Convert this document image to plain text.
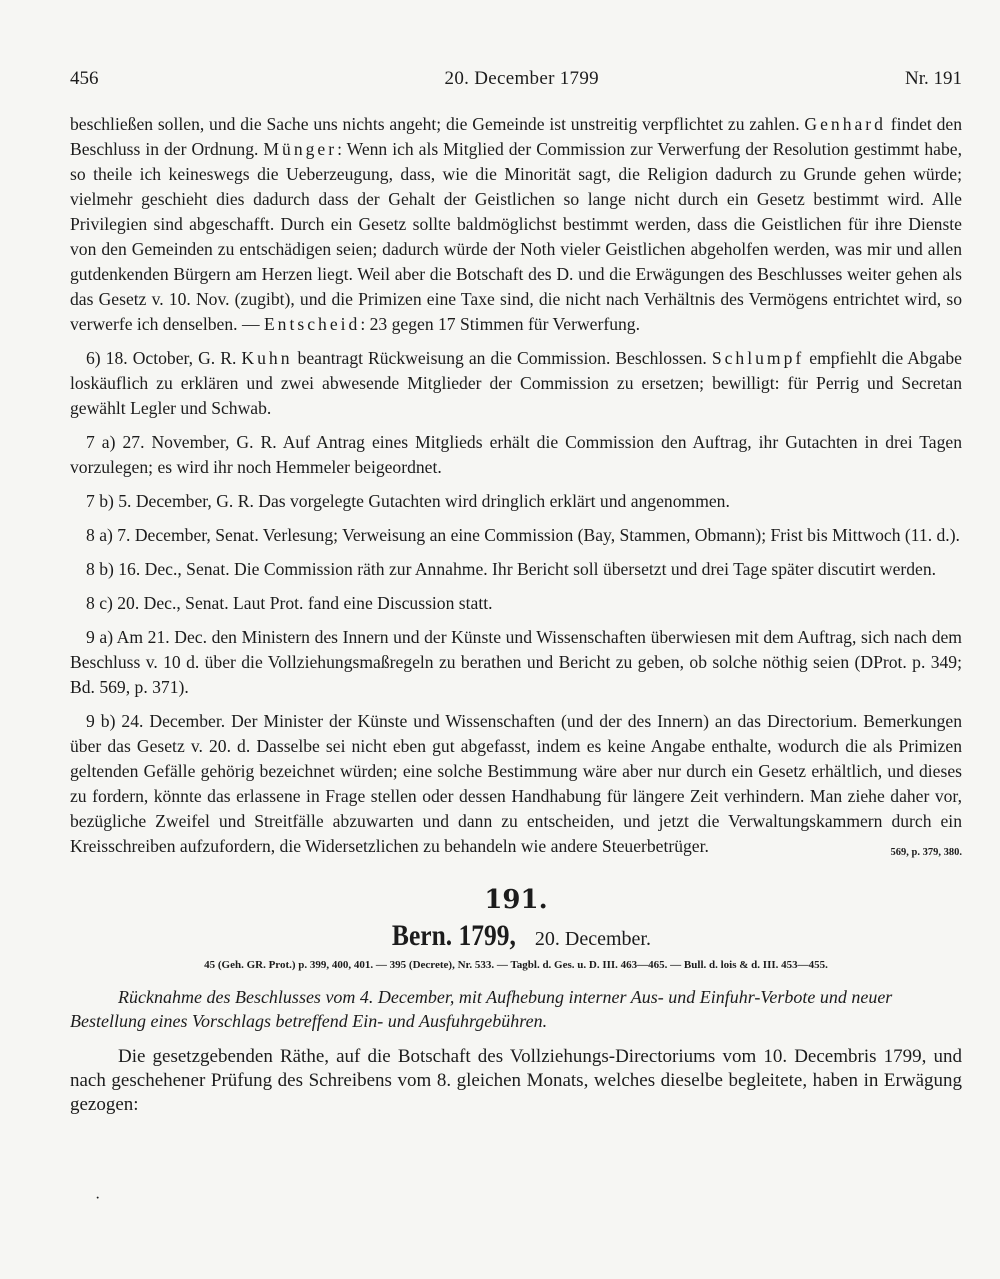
456	20. December 1799	Nr. 191

beschließen sollen, und die Sache uns nichts angeht; die Gemeinde ist unstreitig verpflichtet zu zahlen. Genhard findet den Beschluss in der Ordnung. Münger: Wenn ich als Mitglied der Commission zur Verwerfung der Resolution gestimmt habe, so theile ich keineswegs die Ueberzeugung, dass, wie die Minorität sagt, die Religion dadurch zu Grunde gehen würde; vielmehr geschieht dies dadurch dass der Gehalt der Geistlichen so lange nicht durch ein Gesetz bestimmt wird. Alle Privilegien sind abgeschafft. Durch ein Gesetz sollte baldmöglichst bestimmt werden, dass die Geistlichen für ihre Dienste von den Gemeinden zu entschädigen seien; dadurch würde der Noth vieler Geistlichen abgeholfen werden, was mir und allen gutdenkenden Bürgern am Herzen liegt. Weil aber die Botschaft des D. und die Erwägungen des Beschlusses weiter gehen als das Gesetz v. 10. Nov. (zugibt), und die Primizen eine Taxe sind, die nicht nach Verhältnis des Vermögens entrichtet wird, so verwerfe ich denselben. — Entscheid: 23 gegen 17 Stimmen für Verwerfung.

6) 18. October, G. R. Kuhn beantragt Rückweisung an die Commission. Beschlossen. Schlumpf empfiehlt die Abgabe loskäuflich zu erklären und zwei abwesende Mitglieder der Commission zu ersetzen; bewilligt: für Perrig und Secretan gewählt Legler und Schwab.

7 a) 27. November, G. R. Auf Antrag eines Mitglieds erhält die Commission den Auftrag, ihr Gutachten in drei Tagen vorzulegen; es wird ihr noch Hemmeler beigeordnet.

7 b) 5. December, G. R. Das vorgelegte Gutachten wird dringlich erklärt und angenommen.

8 a) 7. December, Senat. Verlesung; Verweisung an eine Commission (Bay, Stammen, Obmann); Frist bis Mittwoch (11. d.).

8 b) 16. Dec., Senat. Die Commission räth zur Annahme. Ihr Bericht soll übersetzt und drei Tage später discutirt werden.

8 c) 20. Dec., Senat. Laut Prot. fand eine Discussion statt.

9 a) Am 21. Dec. den Ministern des Innern und der Künste und Wissenschaften überwiesen mit dem Auftrag, sich nach dem Beschluss v. 10 d. über die Vollziehungsmaßregeln zu berathen und Bericht zu geben, ob solche nöthig seien (DProt. p. 349; Bd. 569, p. 371).

9 b) 24. December. Der Minister der Künste und Wissenschaften (und der des Innern) an das Directorium. Bemerkungen über das Gesetz v. 20. d. Dasselbe sei nicht eben gut abgefasst, indem es keine Angabe enthalte, wodurch die als Primizen geltenden Gefälle gehörig bezeichnet würden; eine solche Bestimmung wäre aber nur durch ein Gesetz erhältlich, und dieses zu fordern, könnte das erlassene in Frage stellen oder dessen Handhabung für längere Zeit verhindern. Man ziehe daher vor, bezügliche Zweifel und Streitfälle abzuwarten und dann zu entscheiden, und jetzt die Verwaltungskammern durch ein Kreisschreiben aufzufordern, die Widersetzlichen zu behandeln wie andere Steuerbetrüger.	569, p. 379, 380.

191.
Bern. 1799, 20. December.
45 (Geh. GR. Prot.) p. 399, 400, 401. — 395 (Decrete), Nr. 533. — Tagbl. d. Ges. u. D. III. 463—465. — Bull. d. lois & d. III. 453—455.

Rücknahme des Beschlusses vom 4. December, mit Aufhebung interner Aus- und Einfuhr-Verbote und neuer Bestellung eines Vorschlags betreffend Ein- und Ausfuhrgebühren.

Die gesetzgebenden Räthe, auf die Botschaft des Vollziehungs-Directoriums vom 10. Decembris 1799, und nach geschehener Prüfung des Schreibens vom 8. gleichen Monats, welches dieselbe begleitete, haben in Erwägung gezogen:

·
